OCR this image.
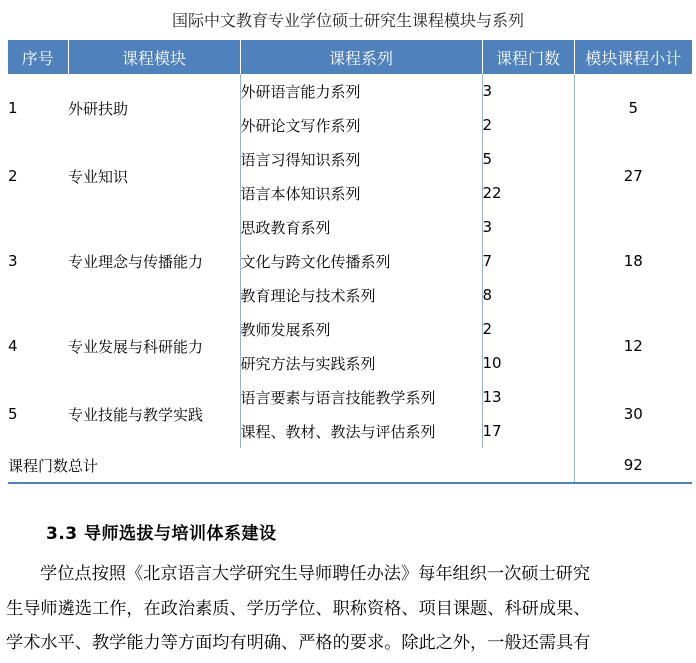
国际中文教育专业学位硕士研究生课程模块与系列
序号	课程模块	课程系列	课程门数	模块课程小计
1	外研扶助	外研语言能力系列	3	5
		外研论文写作系列	2	
2	专业知识	语言习得知识系列	5	27
		语言本体知识系列	22	
3	专业理念与传播能力	思政教育系列	3	18
		文化与跨文化传播系列	7	
		教育理论与技术系列	8	
4	专业发展与科研能力	教师发展系列	2	12
		研究方法与实践系列	10	
5	专业技能与教学实践	语言要素与语言技能教学系列	13	30
		课程、教材、教法与评估系列	17	
课程门数总计				92
3.3 导师选拔与培训体系建设
学位点按照《北京语言大学研究生导师聘任办法》每年组织一次硕士研究
生导师遴选工作，在政治素质、学历学位、职称资格、项目课题、科研成果、
学术水平、教学能力等方面均有明确、严格的要求。除此之外，一般还需具有
